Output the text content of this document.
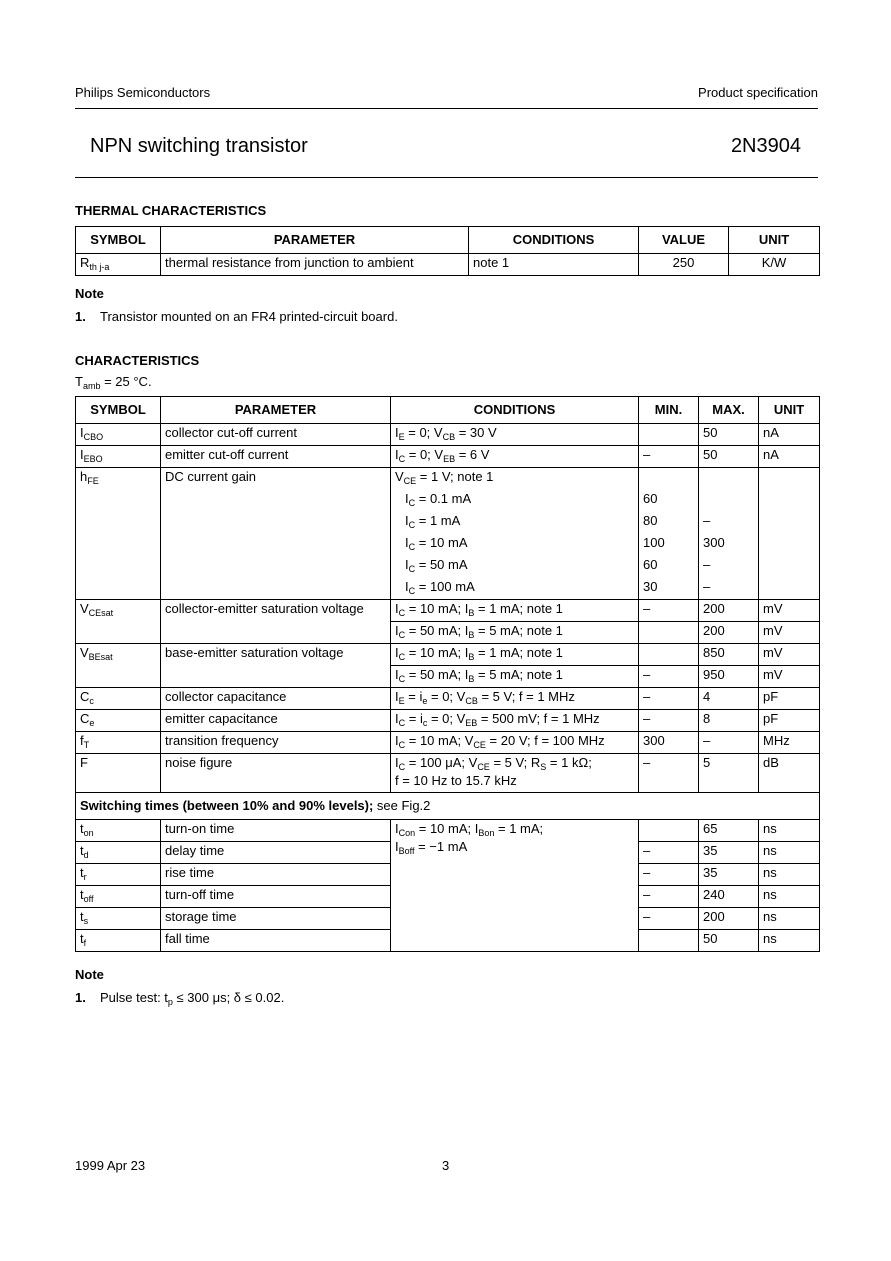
Philips Semiconductors	Product specification
NPN switching transistor	2N3904
THERMAL CHARACTERISTICS
SYMBOL	PARAMETER	CONDITIONS	VALUE	UNIT
$R_{th j-a}$	thermal resistance from junction to ambient	note 1	250	K/W
Note
1. Transistor mounted on an FR4 printed-circuit board.
CHARACTERISTICS
$T_{amb} = 25$ °C.
SYMBOL	PARAMETER	CONDITIONS	MIN.	MAX.	UNIT
$I_{CBO}$	collector cut-off current	$I_E = 0$; $V_{CB} = 30$ V		50	nA
$I_{EBO}$	emitter cut-off current	$I_C = 0$; $V_{EB} = 6$ V	–	50	nA
$h_{FE}$	DC current gain	$V_{CE} = 1$ V; note 1			
		$I_C = 0.1$ mA	60		
		$I_C = 1$ mA	80	–	
		$I_C = 10$ mA	100	300	
		$I_C = 50$ mA	60	–	
		$I_C = 100$ mA	30	–	
$V_{CEsat}$	collector-emitter saturation voltage	$I_C = 10$ mA; $I_B = 1$ mA; note 1	–	200	mV
		$I_C = 50$ mA; $I_B = 5$ mA; note 1		200	mV
$V_{BEsat}$	base-emitter saturation voltage	$I_C = 10$ mA; $I_B = 1$ mA; note 1		850	mV
		$I_C = 50$ mA; $I_B = 5$ mA; note 1	–	950	mV
$C_c$	collector capacitance	$I_E = i_e = 0$; $V_{CB} = 5$ V; f = 1 MHz	–	4	pF
$C_e$	emitter capacitance	$I_C = i_c = 0$; $V_{EB} = 500$ mV; f = 1 MHz	–	8	pF
$f_T$	transition frequency	$I_C = 10$ mA; $V_{CE} = 20$ V; f = 100 MHz	300	–	MHz
F	noise figure	$I_C = 100$ μA; $V_{CE} = 5$ V; $R_S = 1$ kΩ;
f = 10 Hz to 15.7 kHz	–	5	dB
Switching times (between 10% and 90% levels); see Fig.2					
$t_{on}$	turn-on time	$I_{Con} = 10$ mA; $I_{Bon} = 1$ mA;
$I_{Boff} = -1$ mA		65	ns
$t_d$	delay time		–	35	ns
$t_r$	rise time		–	35	ns
$t_{off}$	turn-off time		–	240	ns
$t_s$	storage time		–	200	ns
$t_f$	fall time			50	ns
Note
1. Pulse test: $t_p \le 300$ μs; δ ≤ 0.02.
1999 Apr 23	3
